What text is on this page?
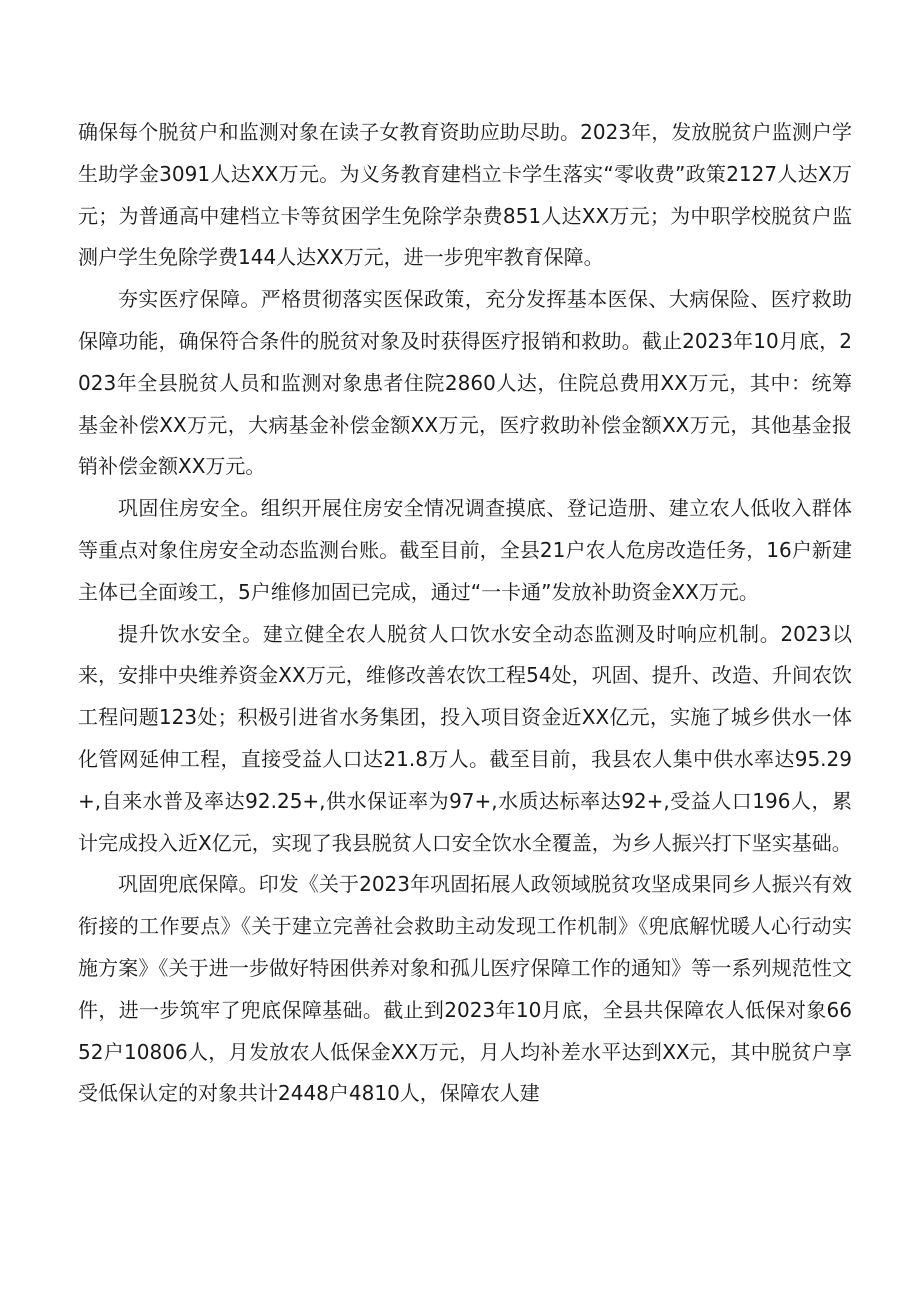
确保每个脱贫户和监测对象在读子女教育资助应助尽助。2023年，发放脱贫户监测户学生助学金3091人达XX万元。为义务教育建档立卡学生落实“零收费”政策2127人达X万元；为普通高中建档立卡等贫困学生免除学杂费851人达XX万元；为中职学校脱贫户监测户学生免除学费144人达XX万元，进一步兜牢教育保障。

夯实医疗保障。严格贯彻落实医保政策，充分发挥基本医保、大病保险、医疗救助保障功能，确保符合条件的脱贫对象及时获得医疗报销和救助。截止2023年10月底，2023年全县脱贫人员和监测对象患者住院2860人达，住院总费用XX万元，其中：统筹基金补偿XX万元，大病基金补偿金额XX万元，医疗救助补偿金额XX万元，其他基金报销补偿金额XX万元。

巩固住房安全。组织开展住房安全情况调查摸底、登记造册、建立农人低收入群体等重点对象住房安全动态监测台账。截至目前，全县21户农人危房改造任务，16户新建主体已全面竣工，5户维修加固已完成，通过“一卡通”发放补助资金XX万元。

提升饮水安全。建立健全农人脱贫人口饮水安全动态监测及时响应机制。2023以来，安排中央维养资金XX万元，维修改善农饮工程54处，巩固、提升、改造、升间农饮工程问题123处；积极引进省水务集团，投入项目资金近XX亿元，实施了城乡供水一体化管网延伸工程，直接受益人口达21.8万人。截至目前，我县农人集中供水率达95.29+,自来水普及率达92.25+,供水保证率为97+,水质达标率达92+,受益人口196人，累计完成投入近X亿元，实现了我县脱贫人口安全饮水全覆盖，为乡人振兴打下坚实基础。

巩固兜底保障。印发《关于2023年巩固拓展人政领域脱贫攻坚成果同乡人振兴有效衔接的工作要点》《关于建立完善社会救助主动发现工作机制》《兜底解忧暖人心行动实施方案》《关于进一步做好特困供养对象和孤儿医疗保障工作的通知》等一系列规范性文件，进一步筑牢了兜底保障基础。截止到2023年10月底，全县共保障农人低保对象6652户10806人，月发放农人低保金XX万元，月人均补差水平达到XX元，其中脱贫户享受低保认定的对象共计2448户4810人，保障农人建
